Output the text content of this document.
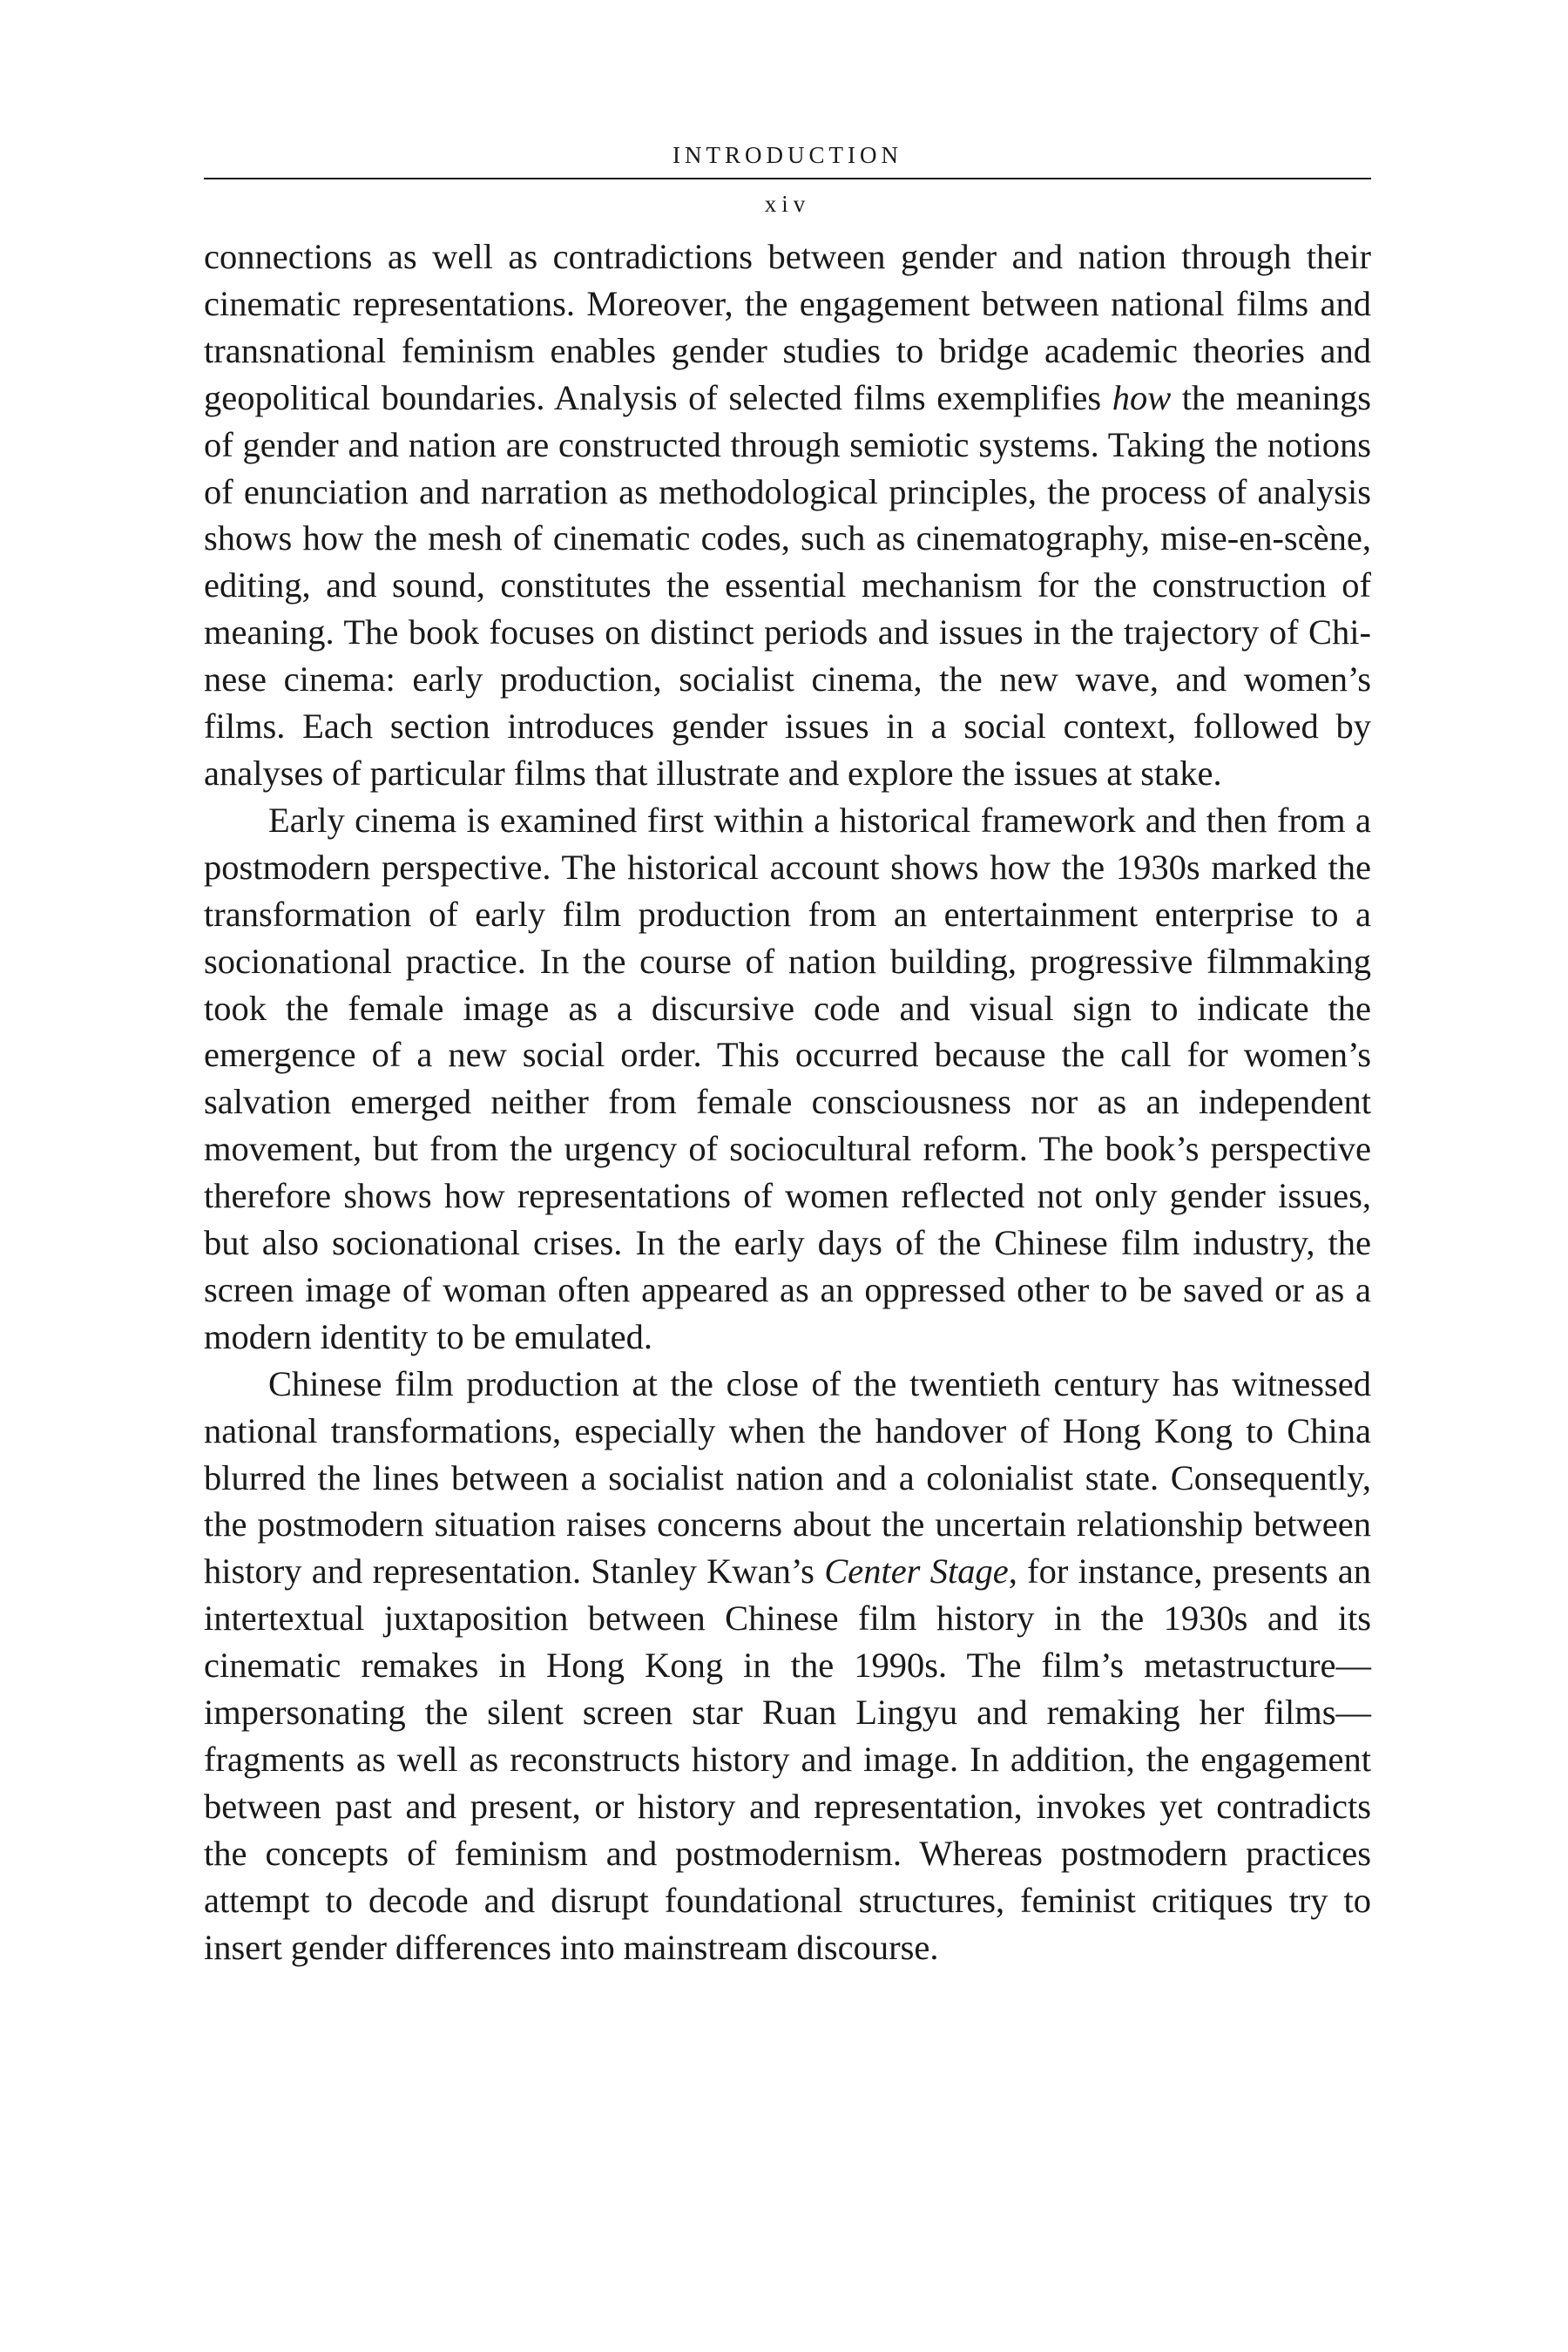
INTRODUCTION
xiv

connections as well as contradictions between gender and nation through their cinematic representations. Moreover, the engagement between national films and transnational feminism enables gender studies to bridge academic theories and geopolitical boundaries. Analysis of selected films exemplifies how the meanings of gender and nation are constructed through semiotic systems. Taking the notions of enunciation and narration as methodological principles, the process of analysis shows how the mesh of cinematic codes, such as cinematography, mise-en-scène, editing, and sound, constitutes the essential mechanism for the construction of meaning. The book focuses on distinct periods and issues in the trajectory of Chinese cinema: early production, socialist cinema, the new wave, and women’s films. Each section introduces gender issues in a social context, followed by analyses of particular films that illustrate and explore the issues at stake.

Early cinema is examined first within a historical framework and then from a postmodern perspective. The historical account shows how the 1930s marked the transformation of early film production from an entertainment enterprise to a socionational practice. In the course of nation building, progressive filmmaking took the female image as a discursive code and visual sign to indicate the emergence of a new social order. This occurred because the call for women’s salvation emerged neither from female consciousness nor as an independent movement, but from the urgency of sociocultural reform. The book’s perspective therefore shows how representations of women reflected not only gender issues, but also socionational crises. In the early days of the Chinese film industry, the screen image of woman often appeared as an oppressed other to be saved or as a modern identity to be emulated.

Chinese film production at the close of the twentieth century has witnessed national transformations, especially when the handover of Hong Kong to China blurred the lines between a socialist nation and a colonialist state. Consequently, the postmodern situation raises concerns about the uncertain relationship between history and representation. Stanley Kwan’s Center Stage, for instance, presents an intertextual juxtaposition between Chinese film history in the 1930s and its cinematic remakes in Hong Kong in the 1990s. The film’s metastructure—impersonating the silent screen star Ruan Lingyu and remaking her films—fragments as well as reconstructs history and image. In addition, the engagement between past and present, or history and representation, invokes yet contradicts the concepts of feminism and postmodernism. Whereas postmodern practices attempt to decode and disrupt foundational structures, feminist critiques try to insert gender differences into mainstream discourse.
